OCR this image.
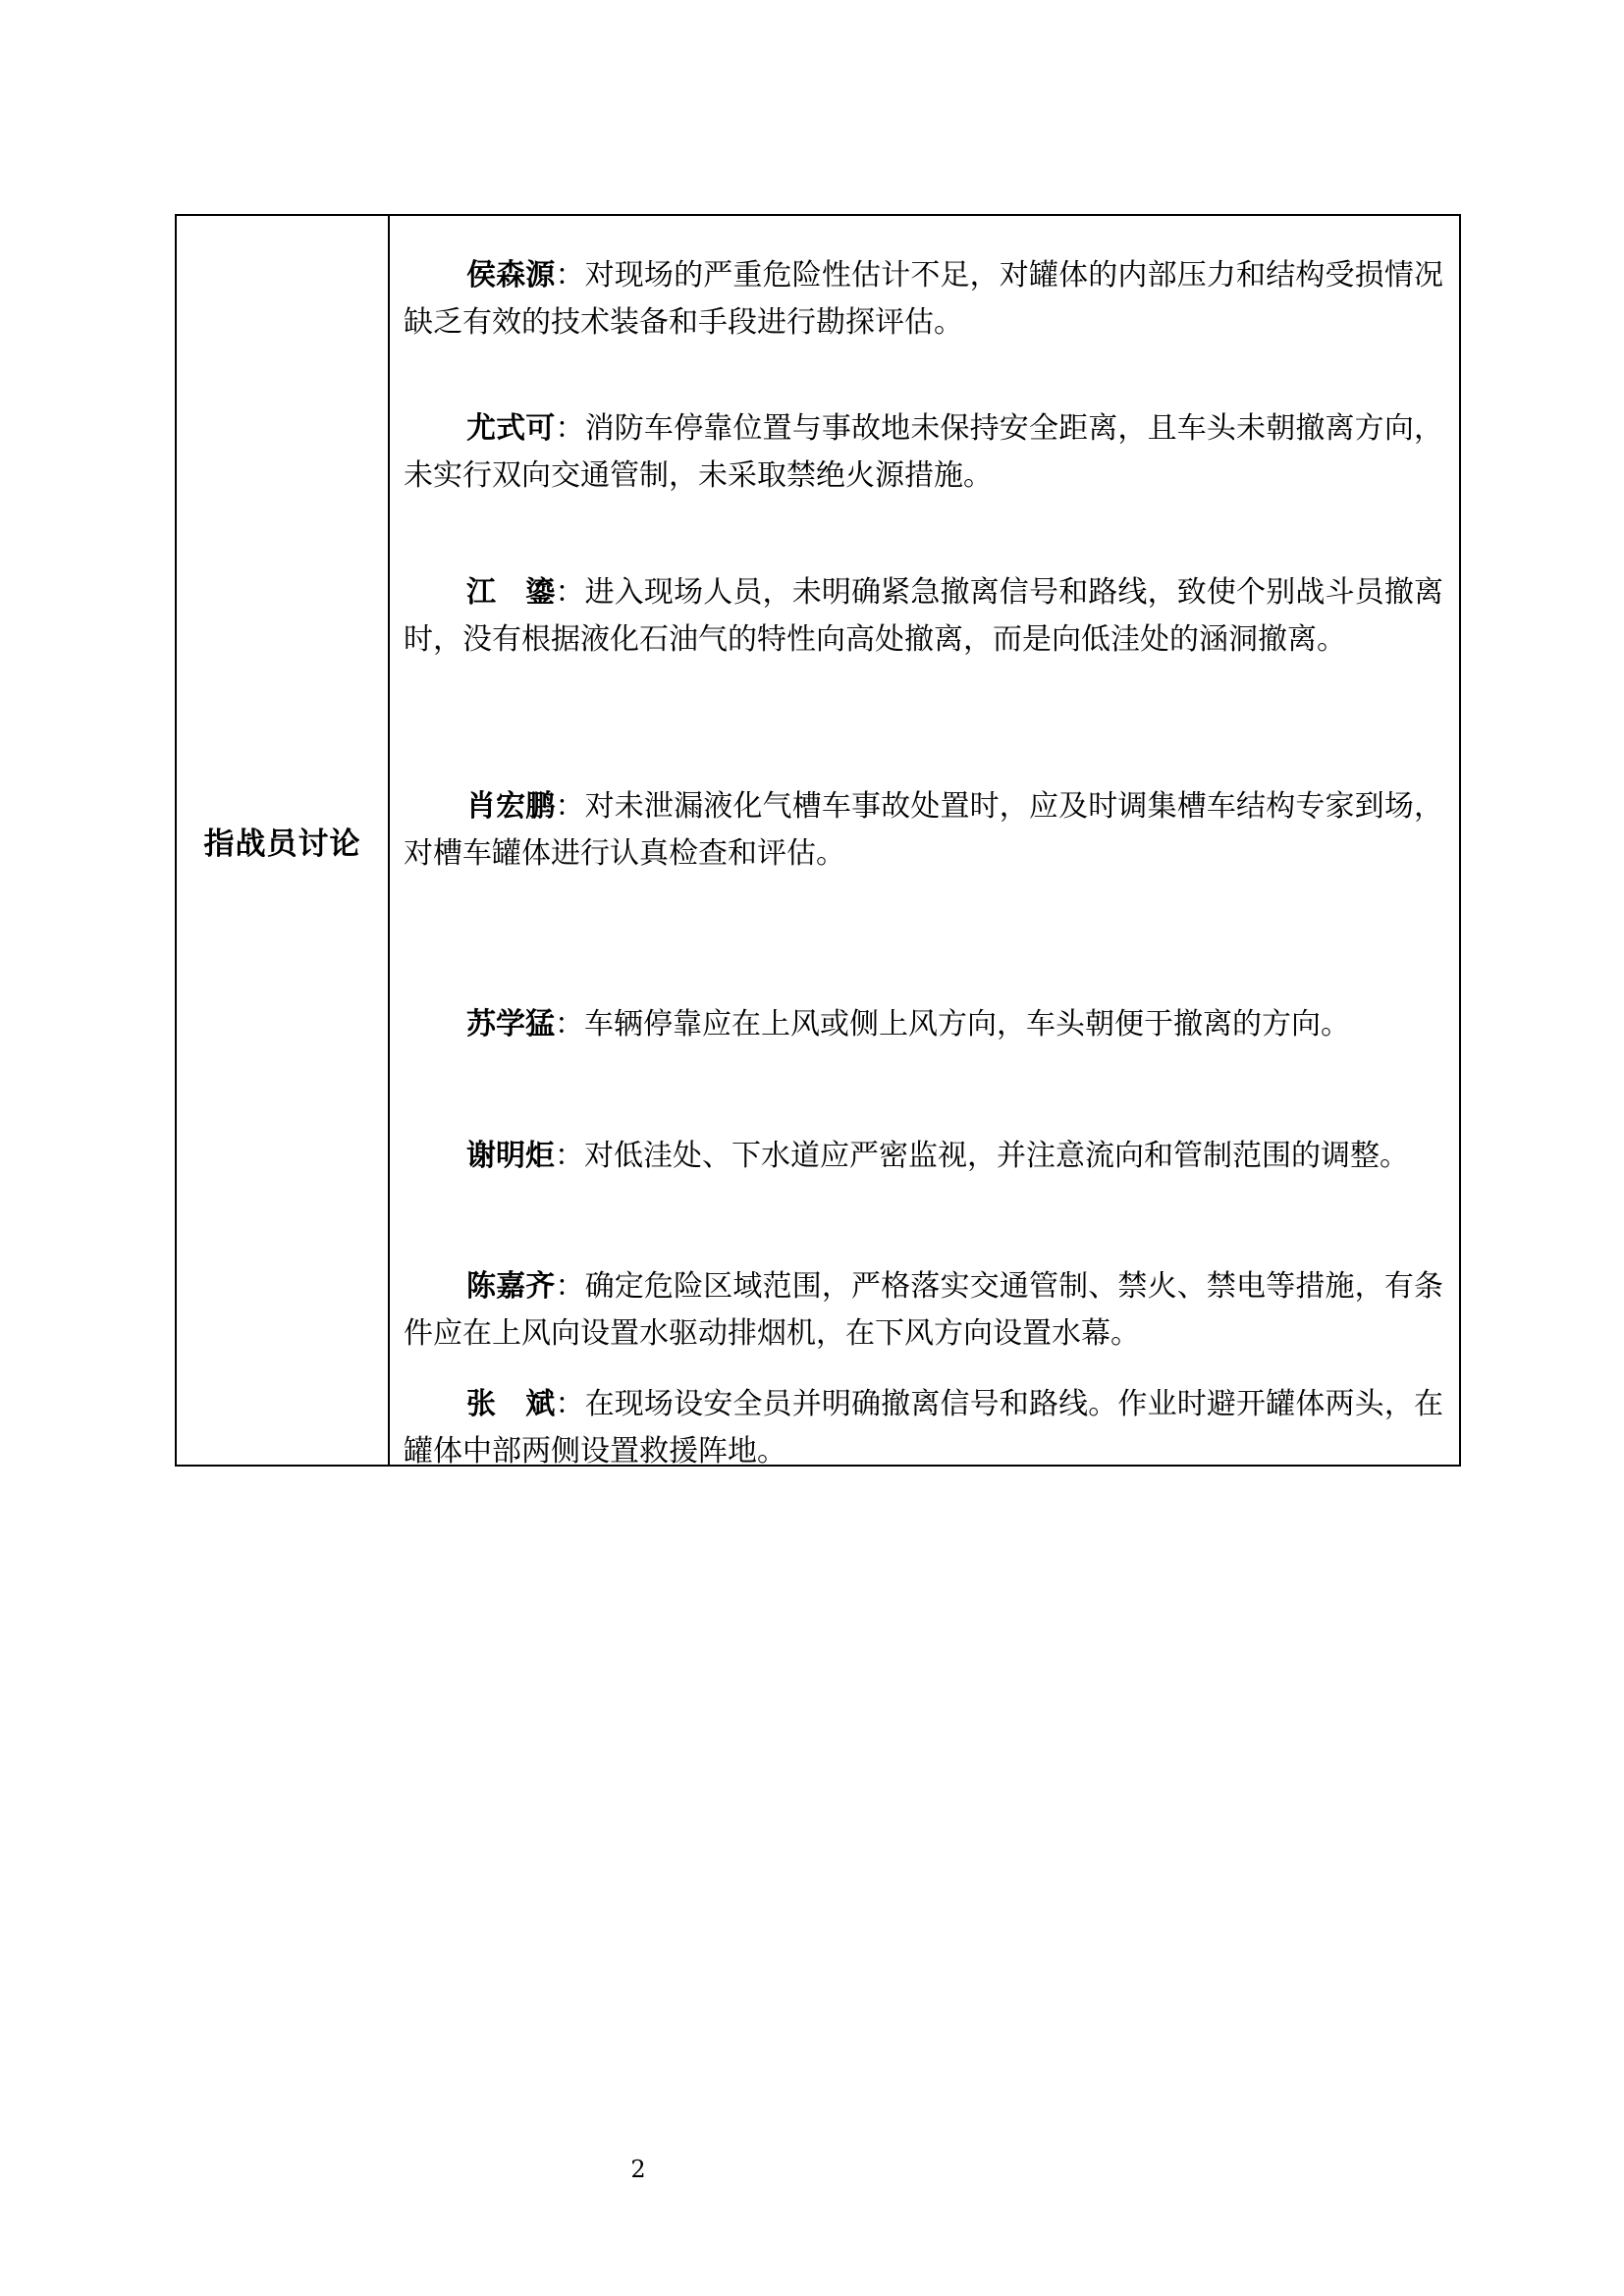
指战员讨论

侯森源：对现场的严重危险性估计不足，对罐体的内部压力和结构受损情况缺乏有效的技术装备和手段进行勘探评估。

尤式可：消防车停靠位置与事故地未保持安全距离，且车头未朝撤离方向，未实行双向交通管制，未采取禁绝火源措施。

江　鎏：进入现场人员，未明确紧急撤离信号和路线，致使个别战斗员撤离时，没有根据液化石油气的特性向高处撤离，而是向低洼处的涵洞撤离。

肖宏鹏：对未泄漏液化气槽车事故处置时，应及时调集槽车结构专家到场，对槽车罐体进行认真检查和评估。

苏学猛：车辆停靠应在上风或侧上风方向，车头朝便于撤离的方向。

谢明炬：对低洼处、下水道应严密监视，并注意流向和管制范围的调整。

陈嘉齐：确定危险区域范围，严格落实交通管制、禁火、禁电等措施，有条件应在上风向设置水驱动排烟机，在下风方向设置水幕。

张　斌：在现场设安全员并明确撤离信号和路线。作业时避开罐体两头，在罐体中部两侧设置救援阵地。

2
